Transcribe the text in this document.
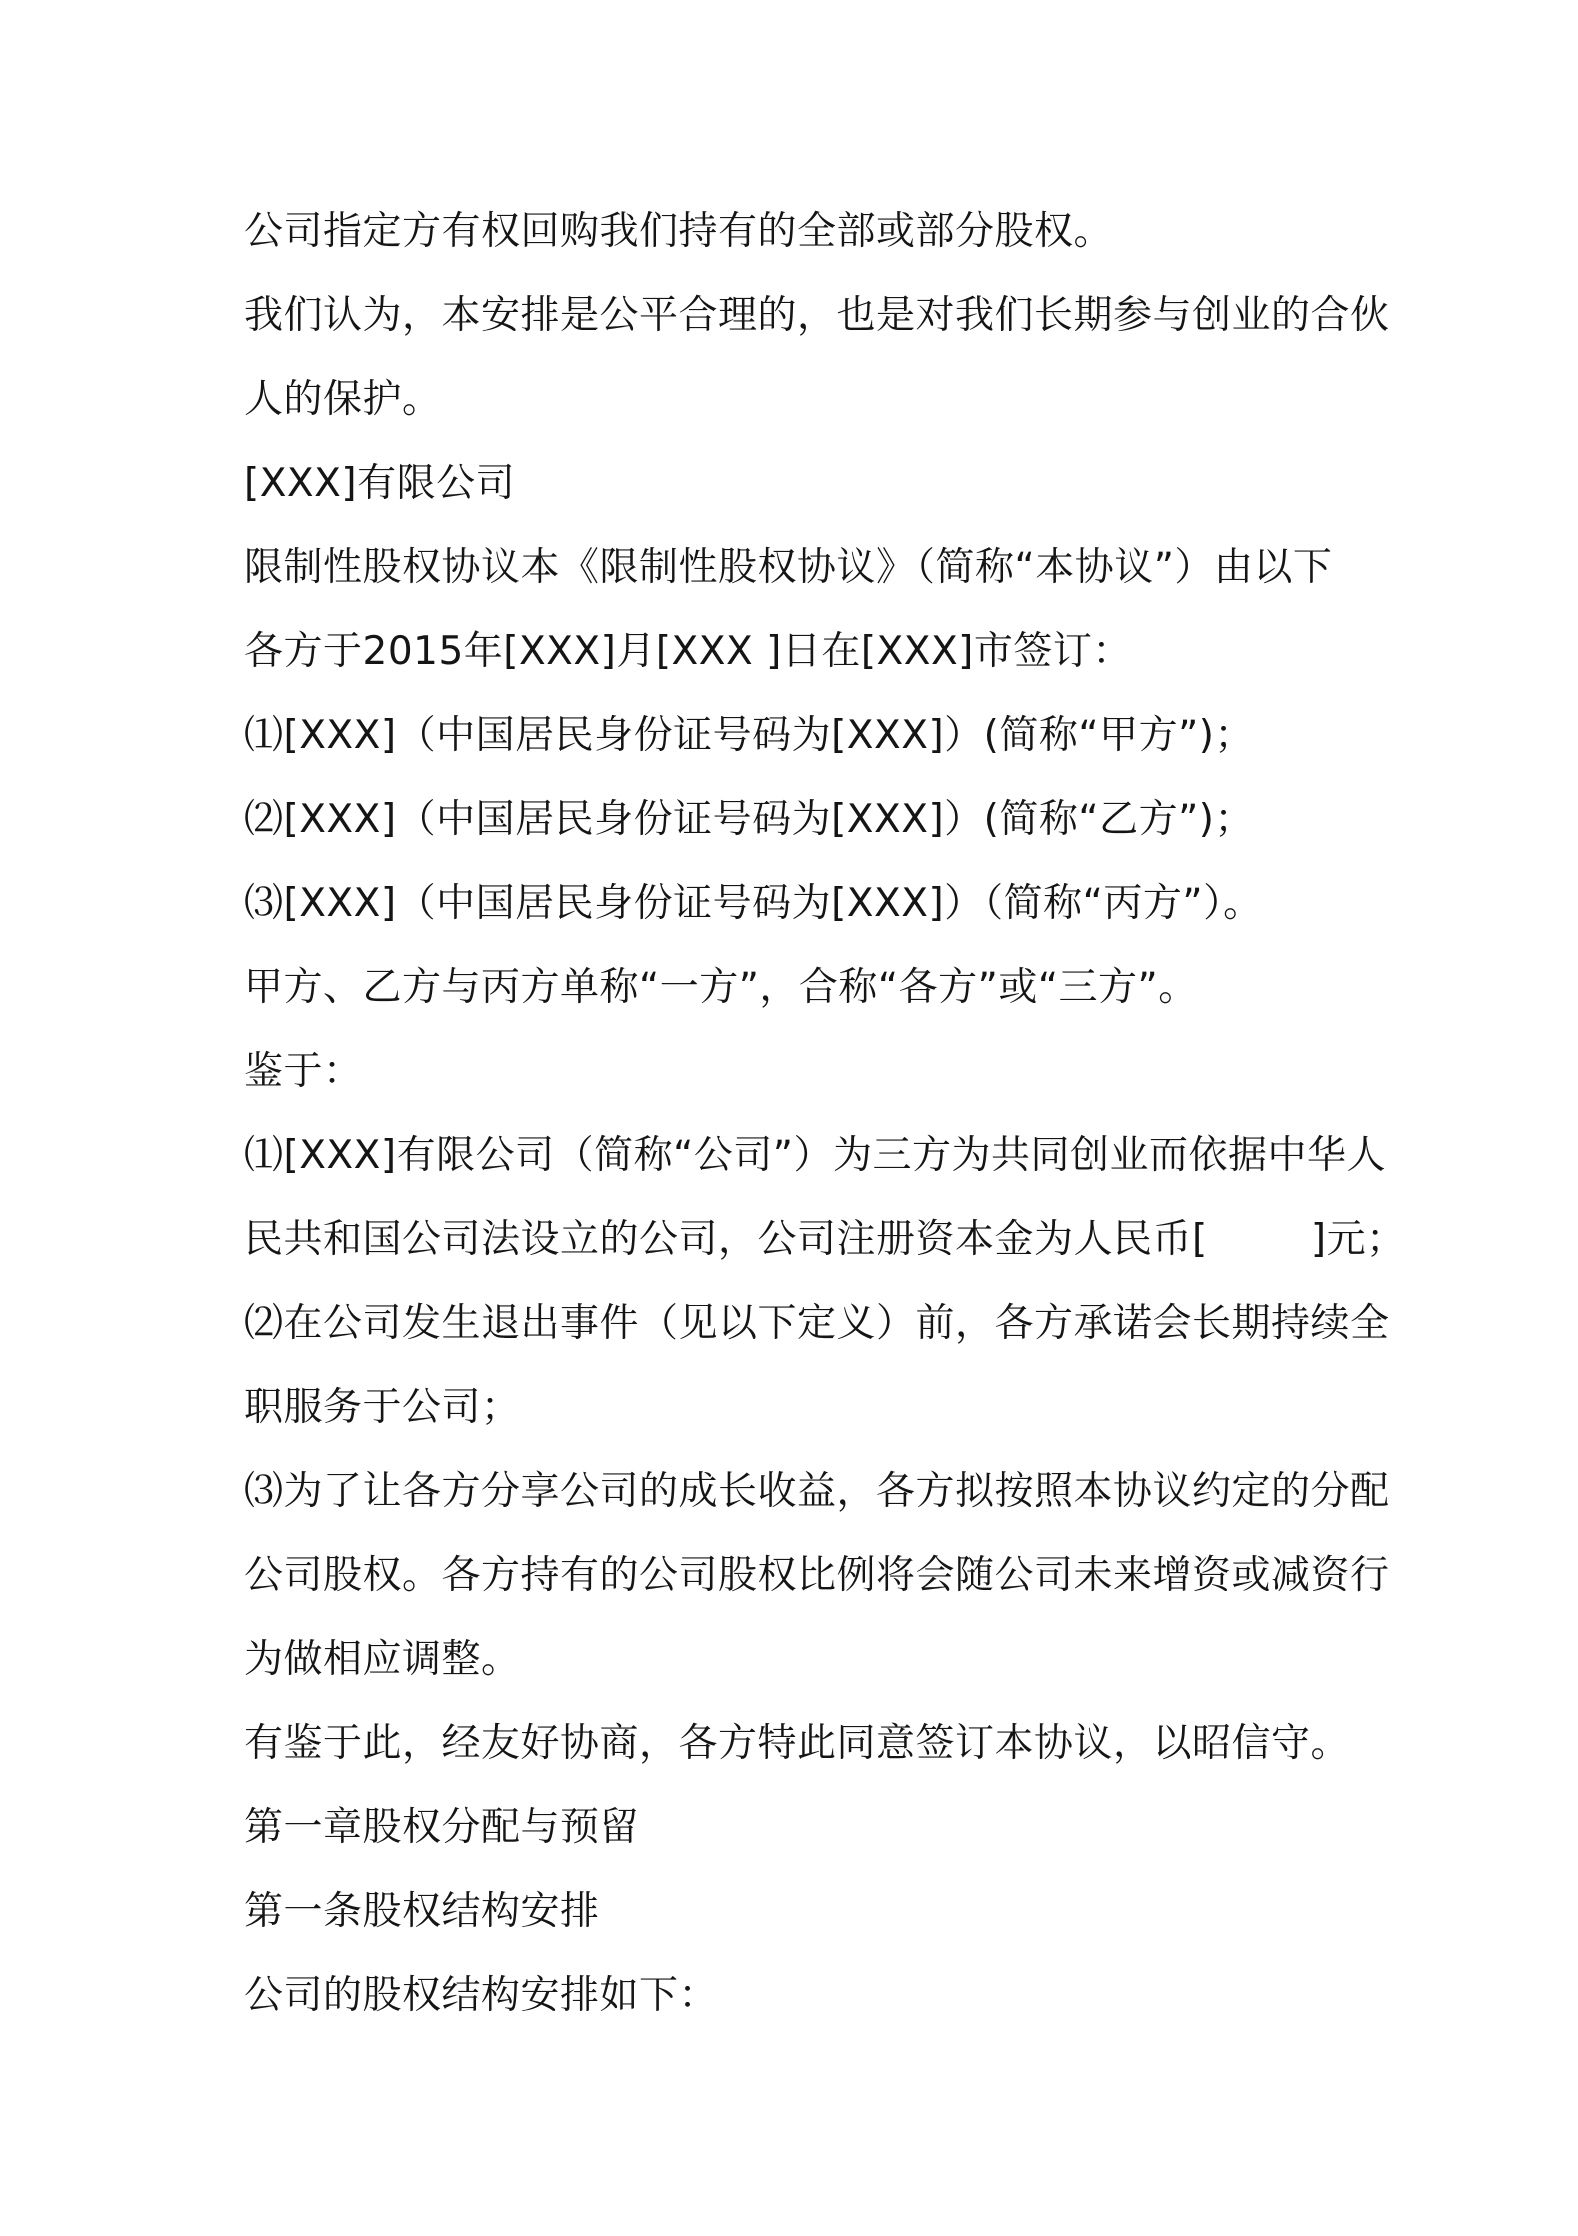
公司指定方有权回购我们持有的全部或部分股权。
我们认为，本安排是公平合理的，也是对我们长期参与创业的合伙
人的保护。
[XXX]有限公司
限制性股权协议本《限制性股权协议》（简称“本协议”）由以下
各方于2015年[XXX]月[XXX ]日在[XXX]市签订：
⑴[XXX]（中国居民身份证号码为[XXX]）(简称“甲方”)；
⑵[XXX]（中国居民身份证号码为[XXX]）(简称“乙方”)；
⑶[XXX]（中国居民身份证号码为[XXX]）（简称“丙方”）。
甲方、乙方与丙方单称“一方”，合称“各方”或“三方”。
鉴于：
⑴[XXX]有限公司（简称“公司”）为三方为共同创业而依据中华人
民共和国公司法设立的公司，公司注册资本金为人民币[        ]元；
⑵在公司发生退出事件（见以下定义）前，各方承诺会长期持续全
职服务于公司；
⑶为了让各方分享公司的成长收益，各方拟按照本协议约定的分配
公司股权。各方持有的公司股权比例将会随公司未来增资或减资行
为做相应调整。
有鉴于此，经友好协商，各方特此同意签订本协议，以昭信守。
第一章股权分配与预留
第一条股权结构安排
公司的股权结构安排如下：
